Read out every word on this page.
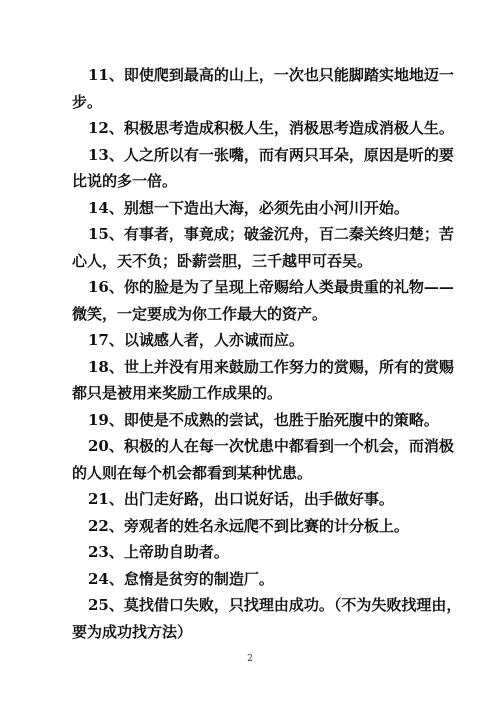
11、即使爬到最高的山上，一次也只能脚踏实地地迈一

步。

12、积极思考造成积极人生，消极思考造成消极人生。

13、人之所以有一张嘴，而有两只耳朵，原因是听的要

比说的多一倍。

14、别想一下造出大海，必须先由小河川开始。

15、有事者，事竟成；破釜沉舟，百二秦关终归楚；苦

心人，天不负；卧薪尝胆，三千越甲可吞吴。

16、你的脸是为了呈现上帝赐给人类最贵重的礼物——

微笑，一定要成为你工作最大的资产。

17、以诚感人者，人亦诚而应。

18、世上并没有用来鼓励工作努力的赏赐，所有的赏赐

都只是被用来奖励工作成果的。

19、即使是不成熟的尝试，也胜于胎死腹中的策略。

20、积极的人在每一次忧患中都看到一个机会，而消极

的人则在每个机会都看到某种忧患。

21、出门走好路，出口说好话，出手做好事。

22、旁观者的姓名永远爬不到比赛的计分板上。

23、上帝助自助者。

24、怠惰是贫穷的制造厂。

25、莫找借口失败，只找理由成功。（不为失败找理由，

要为成功找方法）

2
